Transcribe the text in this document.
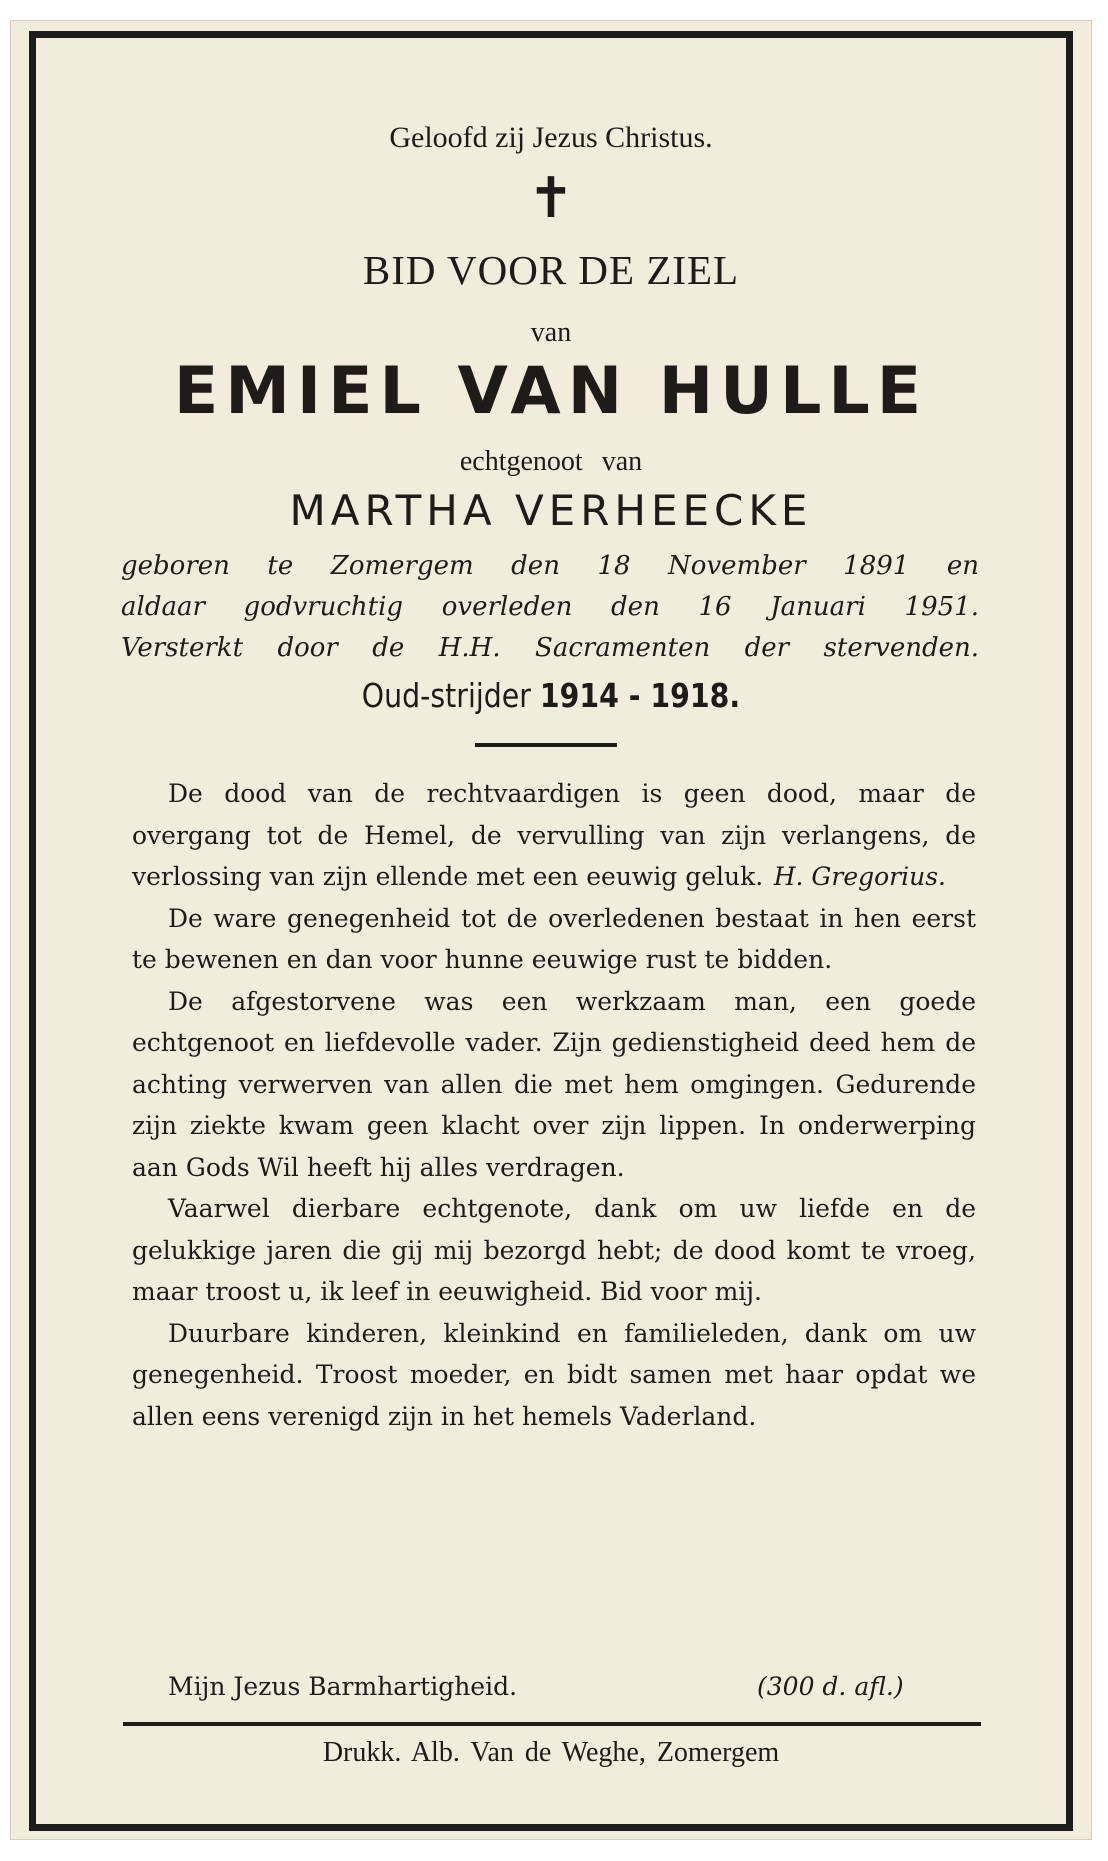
Geloofd zij Jezus Christus.
✝
BID VOOR DE ZIEL
van
EMIEL VAN HULLE
echtgenoot van
MARTHA VERHEECKE
geboren te Zomergem den 18 November 1891 en
aldaar godvruchtig overleden den 16 Januari 1951.
Versterkt door de H.H. Sacramenten der stervenden.
Oud-strijder 1914 - 1918.

De dood van de rechtvaardigen is geen dood, maar de overgang tot de Hemel, de vervulling van zijn verlangens, de verlossing van zijn ellende met een eeuwig geluk. H. Gregorius.

De ware genegenheid tot de overledenen bestaat in hen eerst te bewenen en dan voor hunne eeuwige rust te bidden.

De afgestorvene was een werkzaam man, een goede echtgenoot en liefdevolle vader. Zijn gedienstigheid deed hem de achting verwerven van allen die met hem omgingen. Gedurende zijn ziekte kwam geen klacht over zijn lippen. In onderwerping aan Gods Wil heeft hij alles verdragen.

Vaarwel dierbare echtgenote, dank om uw liefde en de gelukkige jaren die gij mij bezorgd hebt; de dood komt te vroeg, maar troost u, ik leef in eeuwigheid. Bid voor mij.

Duurbare kinderen, kleinkind en familieleden, dank om uw genegenheid. Troost moeder, en bidt samen met haar opdat we allen eens verenigd zijn in het hemels Vaderland.

Mijn Jezus Barmhartigheid.	(300 d. afl.)
Drukk. Alb. Van de Weghe, Zomergem
